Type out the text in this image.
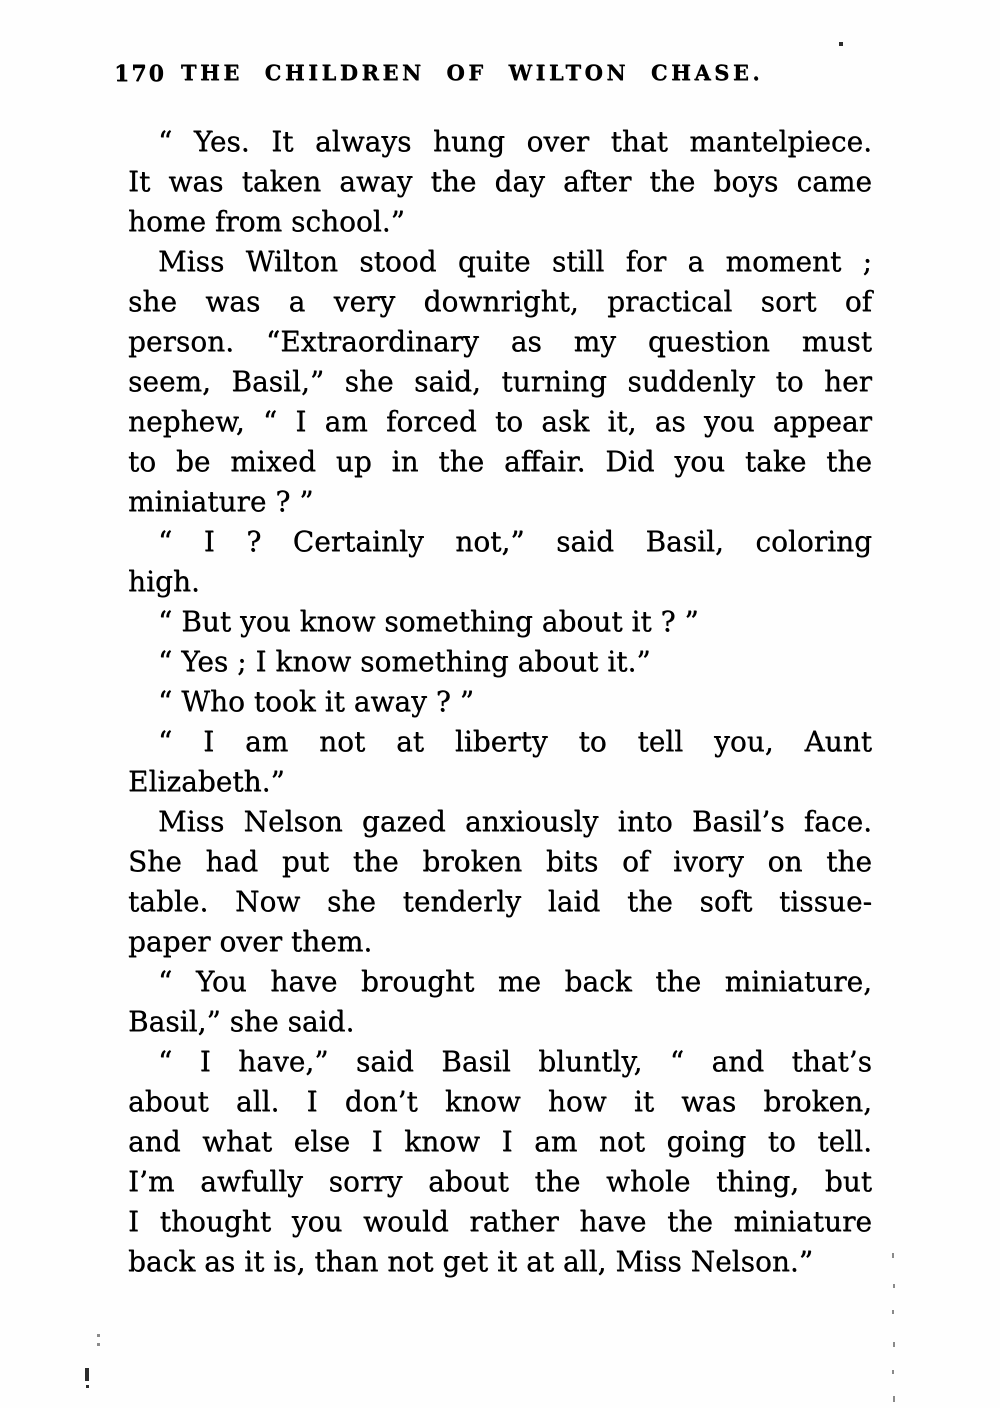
170 THE CHILDREN OF WILTON CHASE.

“ Yes. It always hung over that mantelpiece.
It was taken away the day after the boys came
home from school.”

Miss Wilton stood quite still for a moment ;
she was a very downright, practical sort of
person. “Extraordinary as my question must
seem, Basil,” she said, turning suddenly to her
nephew, “ I am forced to ask it, as you appear
to be mixed up in the affair. Did you take the
miniature ? ”

“ I ? Certainly not,” said Basil, coloring
high.

“ But you know something about it ? ”

“ Yes ; I know something about it.”

“ Who took it away ? ”

“ I am not at liberty to tell you, Aunt
Elizabeth.”

Miss Nelson gazed anxiously into Basil’s face.
She had put the broken bits of ivory on the
table. Now she tenderly laid the soft tissue-
paper over them.

“ You have brought me back the miniature,
Basil,” she said.

“ I have,” said Basil bluntly, “ and that’s
about all. I don’t know how it was broken,
and what else I know I am not going to tell.
I’m awfully sorry about the whole thing, but
I thought you would rather have the miniature
back as it is, than not get it at all, Miss Nelson.”
